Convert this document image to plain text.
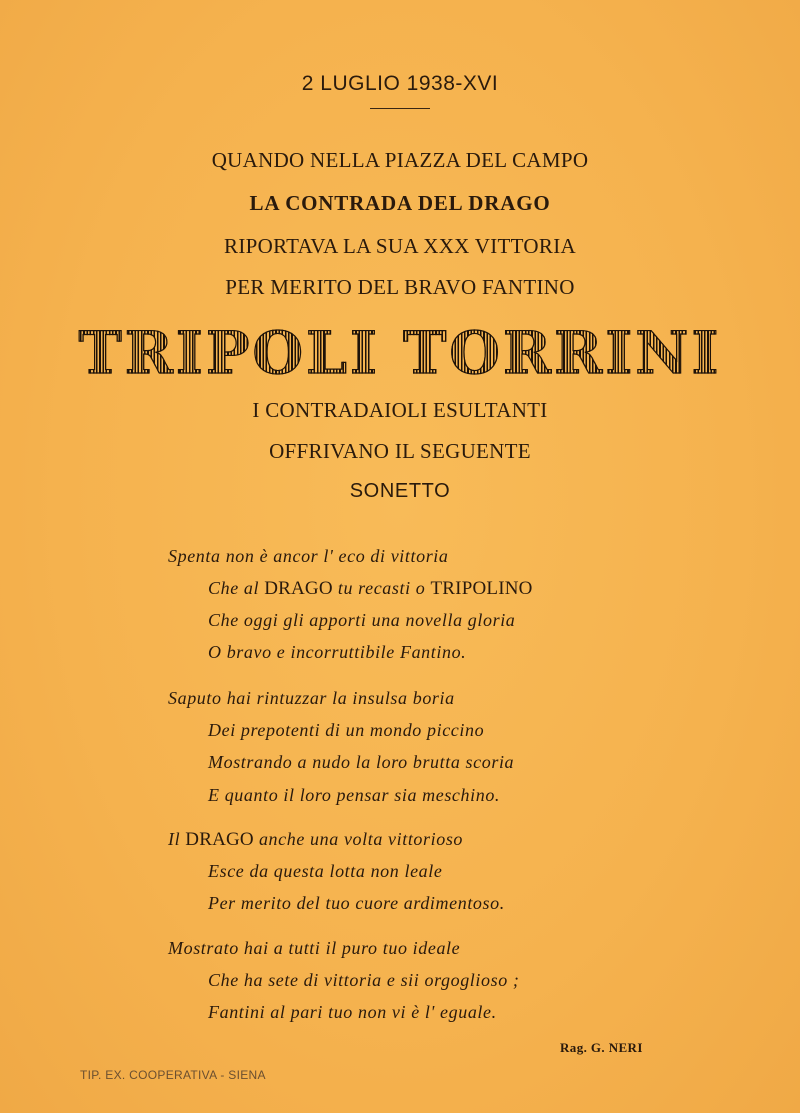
2 LUGLIO 1938-XVI
QUANDO NELLA PIAZZA DEL CAMPO
LA CONTRADA DEL DRAGO
RIPORTAVA LA SUA XXX VITTORIA
PER MERITO DEL BRAVO FANTINO
TRIPOLI TORRINI
I CONTRADAIOLI ESULTANTI
OFFRIVANO IL SEGUENTE
SONETTO
Spenta non è ancor l' eco di vittoria
Che al DRAGO tu recasti o TRIPOLINO
Che oggi gli apporti una novella gloria
O bravo e incorruttibile Fantino.
Saputo hai rintuzzar la insulsa boria
Dei prepotenti di un mondo piccino
Mostrando a nudo la loro brutta scoria
E quanto il loro pensar sia meschino.
Il DRAGO anche una volta vittorioso
Esce da questa lotta non leale
Per merito del tuo cuore ardimentoso.
Mostrato hai a tutti il puro tuo ideale
Che ha sete di vittoria e sii orgoglioso ;
Fantini al pari tuo non vi è l' eguale.
Rag. G. NERI
TIP. EX. COOPERATIVA - SIENA
